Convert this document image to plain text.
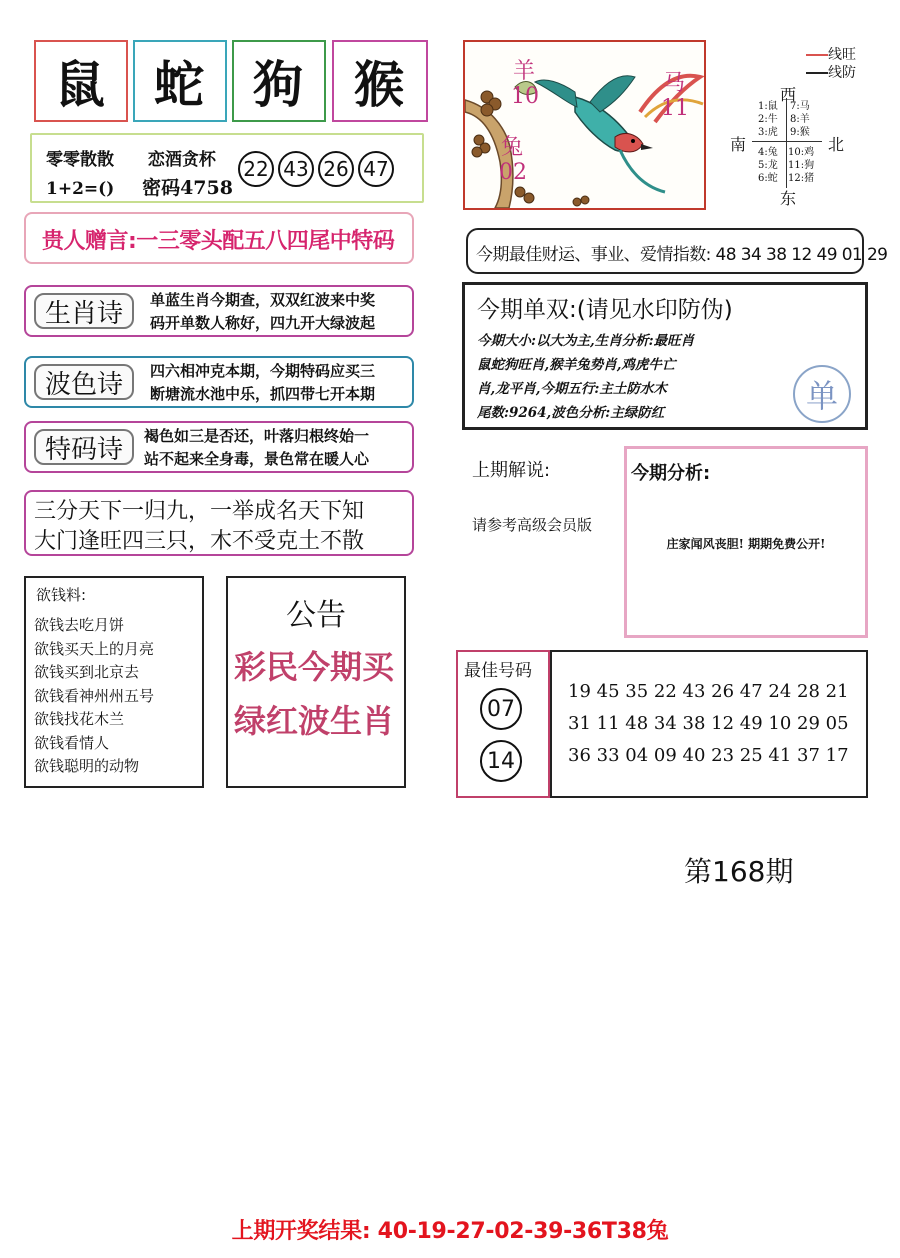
鼠 蛇 狗 猴
零零散散 恋酒贪杯
1+2=() 密码4758
22 43 26 47
贵人赠言:一三零头配五八四尾中特码
生肖诗	单蓝生肖今期查，双双红波来中奖
码开单数人称好，四九开大绿波起
波色诗	四六相冲克本期，今期特码应买三
断塘流水池中乐，抓四带七开本期
特码诗	褐色如三是否还，叶落归根终始一
站不起来全身毒，景色常在暖人心
三分天下一归九，一举成名天下知
大门逢旺四三只，木不受克土不散
欲钱料:
欲钱去吃月饼
欲钱买天上的月亮
欲钱买到北京去
欲钱看神州州五号
欲钱找花木兰
欲钱看情人
欲钱聪明的动物
公告
彩民今期买
绿红波生肖
羊
10
马
11
兔
02
线旺
线防
西
南	北
东
1:鼠
2:牛
3:虎
7:马
8:羊
9:猴
4:兔
5:龙
6:蛇
10:鸡
11:狗
12:猪
今期最佳财运、事业、爱情指数: 48 34 38 12 49 01 29
今期单双:(请见水印防伪)
今期大小:以大为主,生肖分析:最旺肖
鼠蛇狗旺肖,猴羊兔势肖,鸡虎牛亡
肖,龙平肖,今期五行:主土防水木
尾数:9264,波色分析:主绿防红	单
上期解说:
请参考高级会员版
今期分析:
庄家闻风丧胆! 期期免费公开!
最佳号码
07
14
19 45 35 22 43 26 47 24 28 21
31 11 48 34 38 12 49 10 29 05
36 33 04 09 40 23 25 41 37 17
第168期
上期开奖结果: 40-19-27-02-39-36T38兔
